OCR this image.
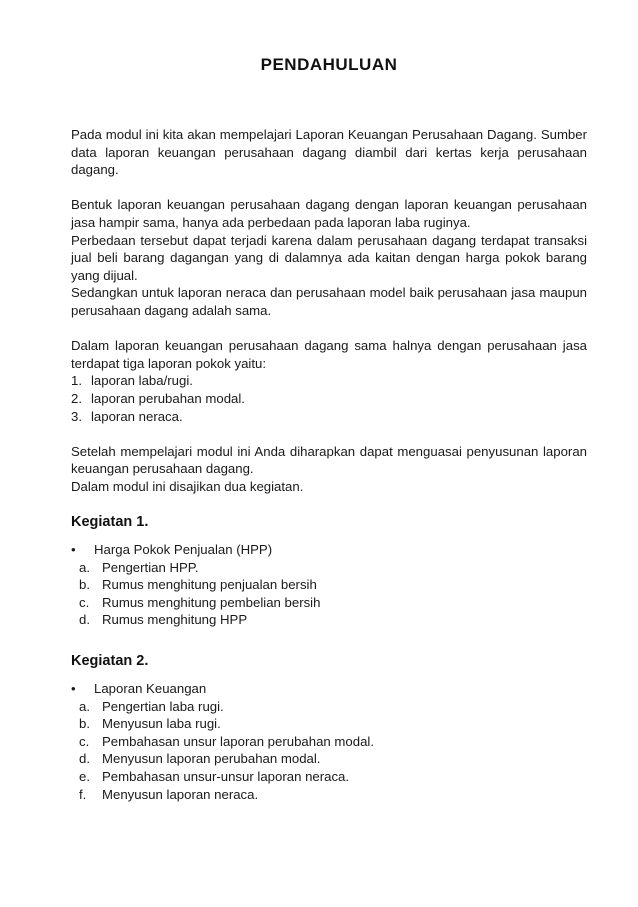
PENDAHULUAN

Pada modul ini kita akan mempelajari Laporan Keuangan Perusahaan Dagang. Sumber data laporan keuangan perusahaan dagang diambil dari kertas kerja perusahaan dagang.

Bentuk laporan keuangan perusahaan dagang dengan laporan keuangan perusahaan jasa hampir sama, hanya ada perbedaan pada laporan laba ruginya.

Perbedaan tersebut dapat terjadi karena dalam perusahaan dagang terdapat transaksi jual beli barang dagangan yang di dalamnya ada kaitan dengan harga pokok barang yang dijual.

Sedangkan untuk laporan neraca dan perusahaan model baik perusahaan jasa maupun perusahaan dagang adalah sama.

Dalam laporan keuangan perusahaan dagang sama halnya dengan perusahaan jasa terdapat tiga laporan pokok yaitu:

1. laporan laba/rugi.
2. laporan perubahan modal.
3. laporan neraca.

Setelah mempelajari modul ini Anda diharapkan dapat menguasai penyusunan laporan keuangan perusahaan dagang.

Dalam modul ini disajikan dua kegiatan.

Kegiatan 1.
•	Harga Pokok Penjualan (HPP)
a. Pengertian HPP.
b. Rumus menghitung penjualan bersih
c. Rumus menghitung pembelian bersih
d. Rumus menghitung HPP
Kegiatan 2.
•	Laporan Keuangan
a. Pengertian laba rugi.
b. Menyusun laba rugi.
c. Pembahasan unsur laporan perubahan modal.
d. Menyusun laporan perubahan modal.
e. Pembahasan unsur-unsur laporan neraca.
f.	Menyusun laporan neraca.
